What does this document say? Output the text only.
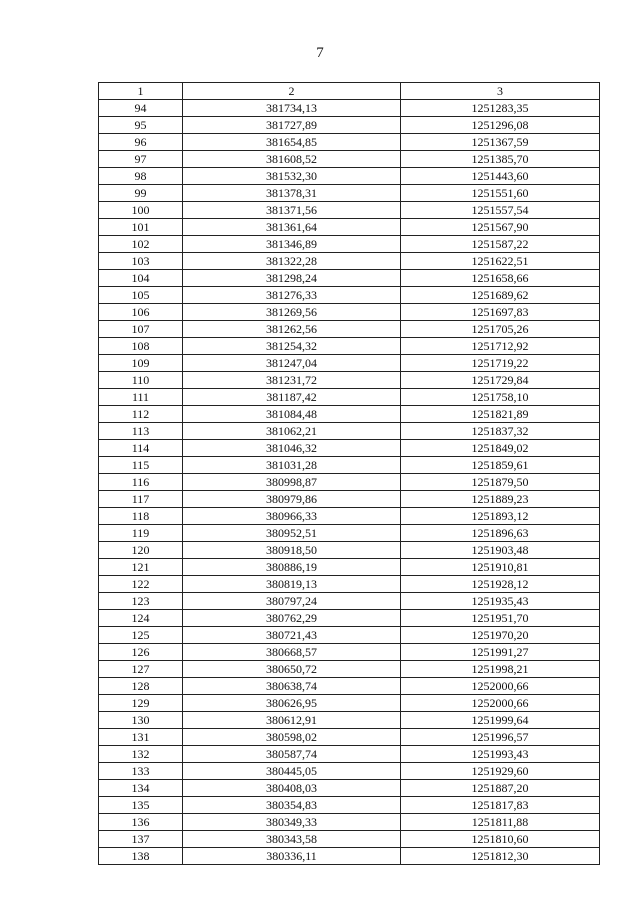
7
1	2	3
94	381734,13	1251283,35
95	381727,89	1251296,08
96	381654,85	1251367,59
97	381608,52	1251385,70
98	381532,30	1251443,60
99	381378,31	1251551,60
100	381371,56	1251557,54
101	381361,64	1251567,90
102	381346,89	1251587,22
103	381322,28	1251622,51
104	381298,24	1251658,66
105	381276,33	1251689,62
106	381269,56	1251697,83
107	381262,56	1251705,26
108	381254,32	1251712,92
109	381247,04	1251719,22
110	381231,72	1251729,84
111	381187,42	1251758,10
112	381084,48	1251821,89
113	381062,21	1251837,32
114	381046,32	1251849,02
115	381031,28	1251859,61
116	380998,87	1251879,50
117	380979,86	1251889,23
118	380966,33	1251893,12
119	380952,51	1251896,63
120	380918,50	1251903,48
121	380886,19	1251910,81
122	380819,13	1251928,12
123	380797,24	1251935,43
124	380762,29	1251951,70
125	380721,43	1251970,20
126	380668,57	1251991,27
127	380650,72	1251998,21
128	380638,74	1252000,66
129	380626,95	1252000,66
130	380612,91	1251999,64
131	380598,02	1251996,57
132	380587,74	1251993,43
133	380445,05	1251929,60
134	380408,03	1251887,20
135	380354,83	1251817,83
136	380349,33	1251811,88
137	380343,58	1251810,60
138	380336,11	1251812,30
